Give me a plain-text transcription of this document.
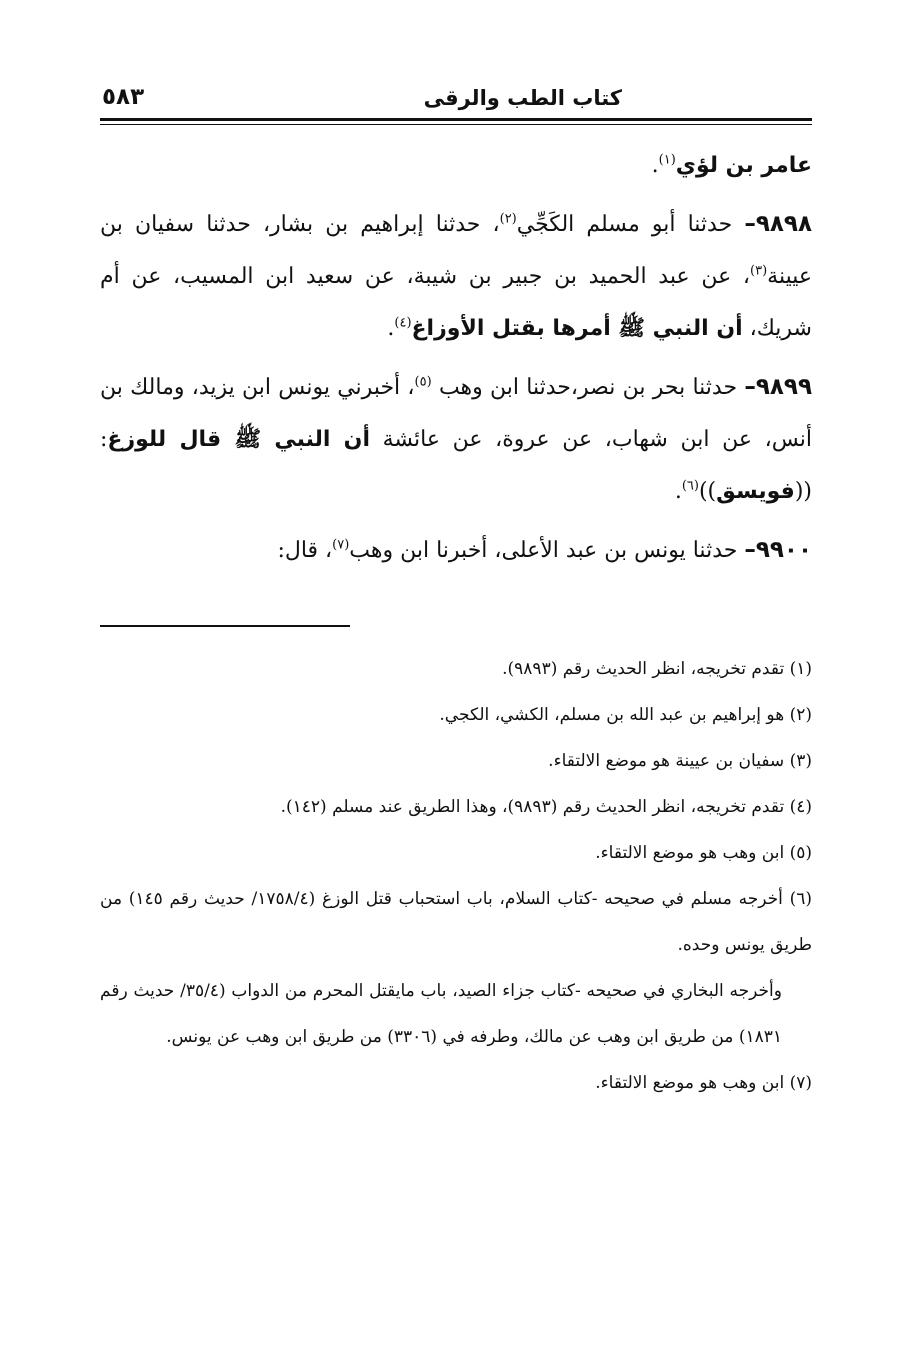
كتاب الطب والرقى
٥٨٣

عامر بن لؤي$^{(١)}$.

٩٨٩٨– حدثنا أبو مسلم الكَجِّي$^{(٢)}$، حدثنا إبراهيم بن بشار، حدثنا سفيان بن عيينة$^{(٣)}$، عن عبد الحميد بن جبير بن شيبة، عن سعيد ابن المسيب، عن أم شريك، أن النبي ﷺ أمرها بقتل الأوزاغ$^{(٤)}$.

٩٨٩٩– حدثنا بحر بن نصر،حدثنا ابن وهب $^{(٥)}$، أخبرني يونس ابن يزيد، ومالك بن أنس، عن ابن شهاب، عن عروة، عن عائشة أن النبي ﷺ قال للوزغ: ((فويسق))$^{(٦)}$.

٩٩٠٠– حدثنا يونس بن عبد الأعلى، أخبرنا ابن وهب$^{(٧)}$، قال:

(١) تقدم تخريجه، انظر الحديث رقم (٩٨٩٣).

(٢) هو إبراهيم بن عبد الله بن مسلم، الكشي، الكجي.

(٣) سفيان بن عيينة هو موضع الالتقاء.

(٤) تقدم تخريجه، انظر الحديث رقم (٩٨٩٣)، وهذا الطريق عند مسلم (١٤٢).

(٥) ابن وهب هو موضع الالتقاء.

(٦) أخرجه مسلم في صحيحه -كتاب السلام، باب استحباب قتل الوزغ (١٧٥٨/٤/ حديث رقم ١٤٥) من طريق يونس وحده.

وأخرجه البخاري في صحيحه -كتاب جزاء الصيد، باب مايقتل المحرم من الدواب (٣٥/٤/ حديث رقم ١٨٣١) من طريق ابن وهب عن مالك، وطرفه في (٣٣٠٦) من طريق ابن وهب عن يونس.

(٧) ابن وهب هو موضع الالتقاء.
